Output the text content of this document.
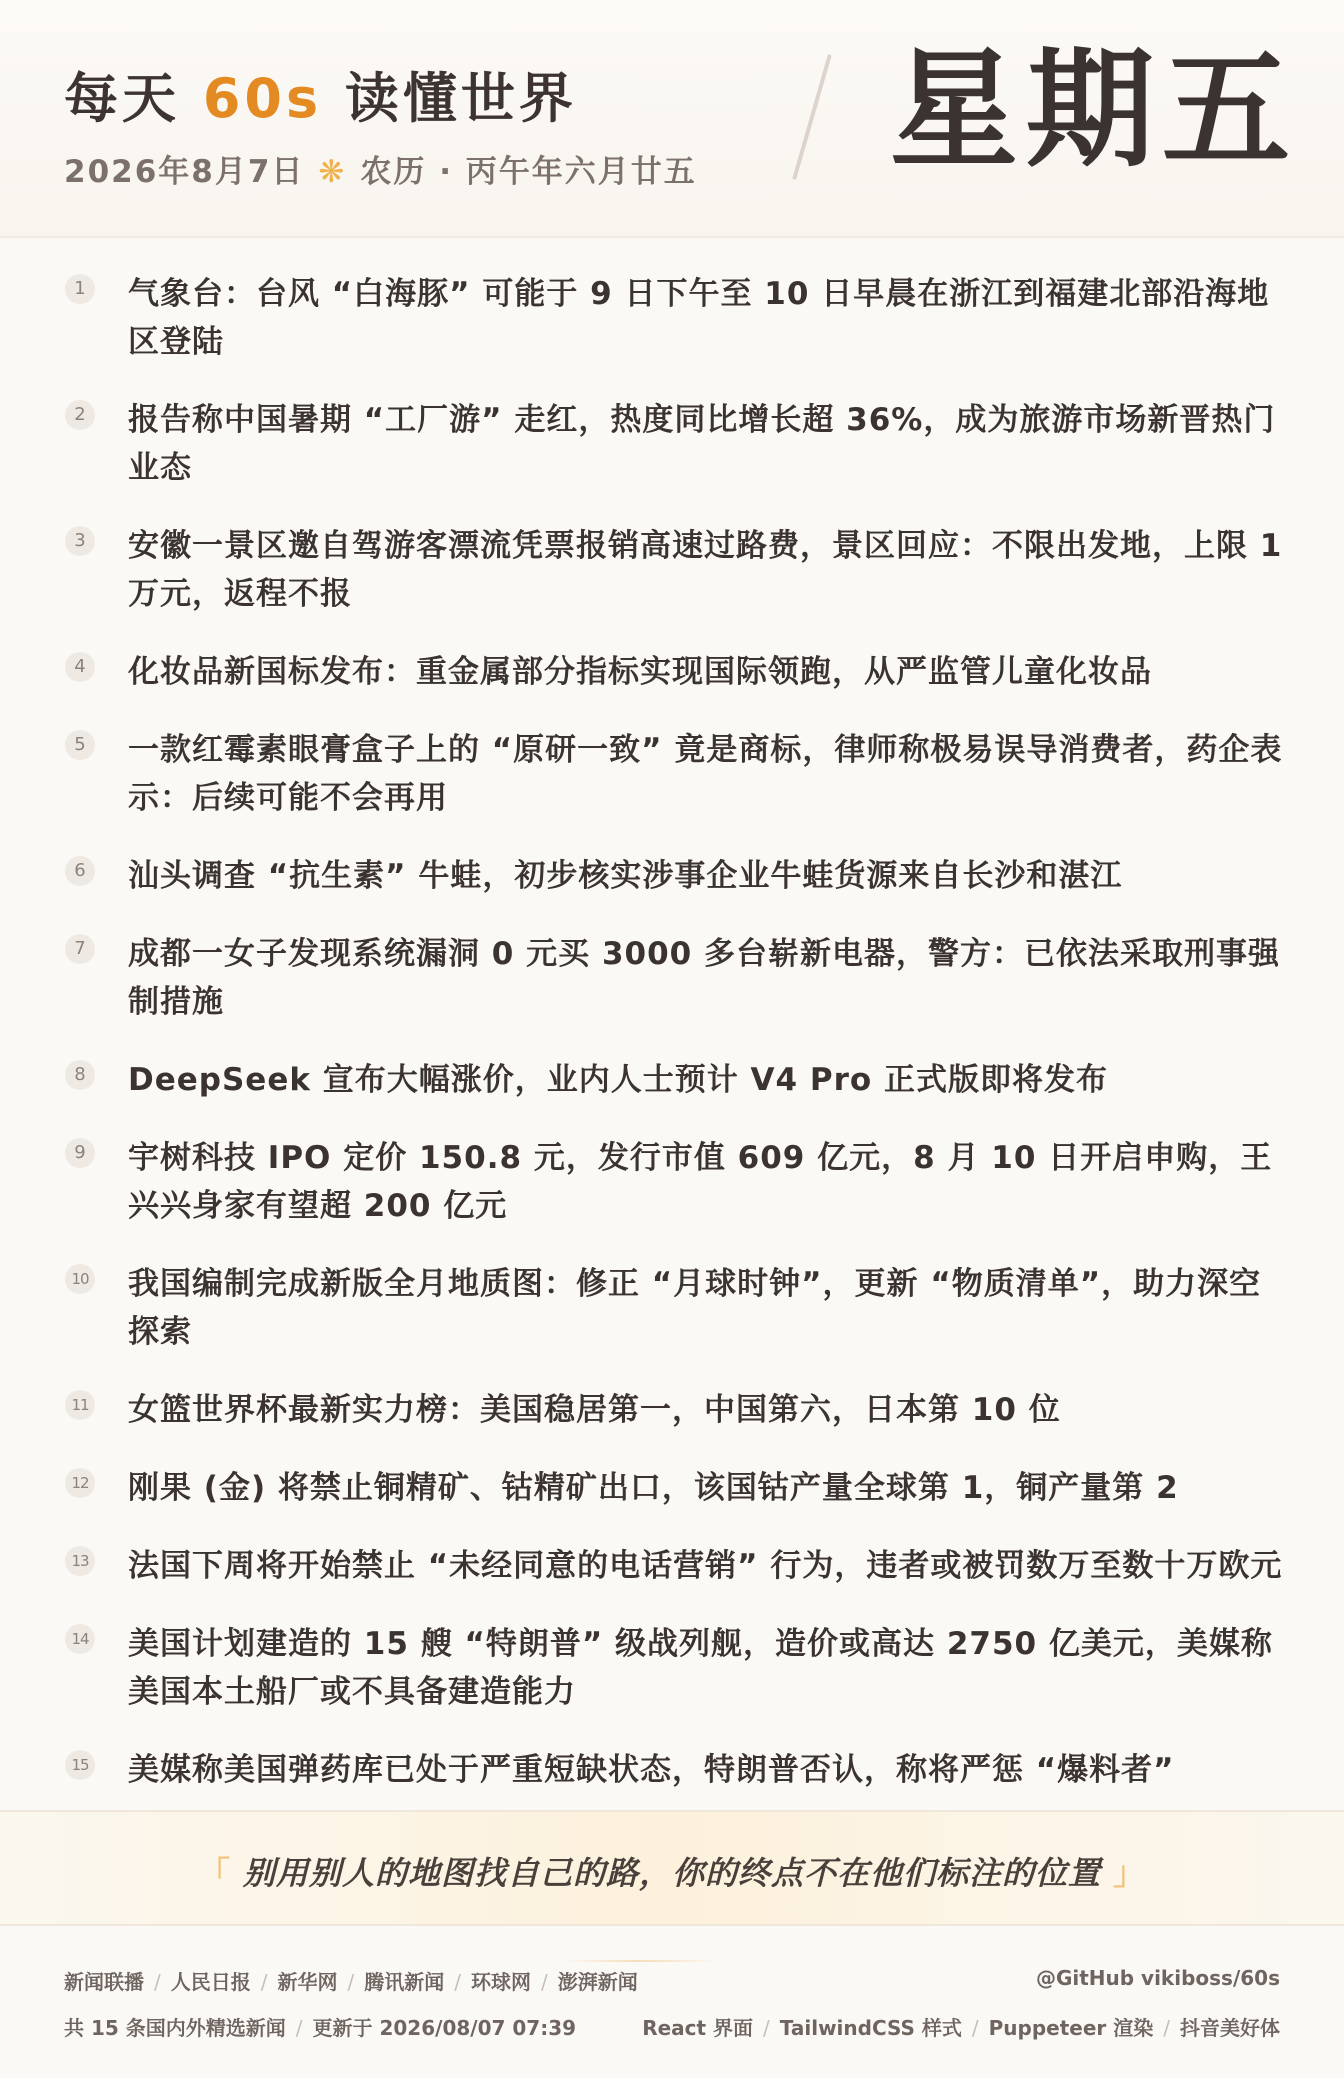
每天 60s 读懂世界
2026年8月7日 ❋ 农历 · 丙午年六月廿五 星期五
1 气象台：台风 “白海豚” 可能于 9 日下午至 10 日早晨在浙江到福建北部沿海地区登陆
2 报告称中国暑期 “工厂游” 走红，热度同比增长超 36%，成为旅游市场新晋热门业态
3 安徽一景区邀自驾游客漂流凭票报销高速过路费，景区回应：不限出发地，上限 1 万元，返程不报
4 化妆品新国标发布：重金属部分指标实现国际领跑，从严监管儿童化妆品
5 一款红霉素眼膏盒子上的 “原研一致” 竟是商标，律师称极易误导消费者，药企表示：后续可能不会再用
6 汕头调查 “抗生素” 牛蛙，初步核实涉事企业牛蛙货源来自长沙和湛江
7 成都一女子发现系统漏洞 0 元买 3000 多台崭新电器，警方：已依法采取刑事强制措施
8 DeepSeek 宣布大幅涨价，业内人士预计 V4 Pro 正式版即将发布
9 宇树科技 IPO 定价 150.8 元，发行市值 609 亿元，8 月 10 日开启申购，王兴兴身家有望超 200 亿元
10 我国编制完成新版全月地质图：修正 “月球时钟”，更新 “物质清单”，助力深空探索
11 女篮世界杯最新实力榜：美国稳居第一，中国第六，日本第 10 位
12 刚果 (金) 将禁止铜精矿、钴精矿出口，该国钴产量全球第 1，铜产量第 2
13 法国下周将开始禁止 “未经同意的电话营销” 行为，违者或被罚数万至数十万欧元
14 美国计划建造的 15 艘 “特朗普” 级战列舰，造价或高达 2750 亿美元，美媒称美国本土船厂或不具备建造能力
15 美媒称美国弹药库已处于严重短缺状态，特朗普否认，称将严惩 “爆料者”
「 别用别人的地图找自己的路，你的终点不在他们标注的位置 」
新闻联播 / 人民日报 / 新华网 / 腾讯新闻 / 环球网 / 澎湃新闻
共 15 条国内外精选新闻 / 更新于 2026/08/07 07:39
@GitHub vikiboss/60s
React 界面 / TailwindCSS 样式 / Puppeteer 渲染 / 抖音美好体
